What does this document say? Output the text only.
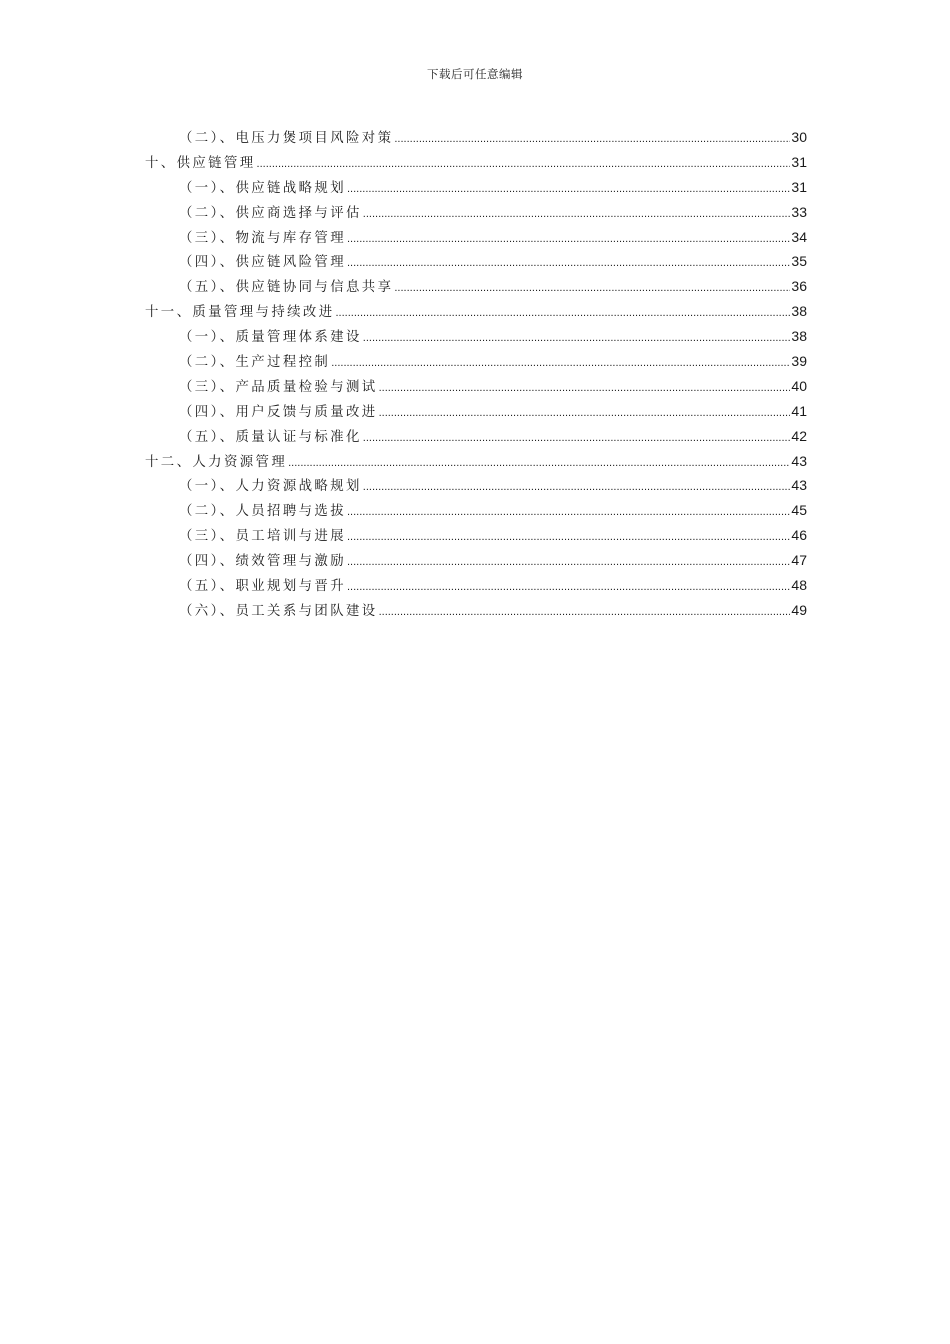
下载后可任意编辑
（二）、电压力煲项目风险对策 .....	30
十、供应链管理 .....	31
（一）、供应链战略规划 .....	31
（二）、供应商选择与评估 .....	33
（三）、物流与库存管理 .....	34
（四）、供应链风险管理 .....	35
（五）、供应链协同与信息共享 .....	36
十一、质量管理与持续改进 .....	38
（一）、质量管理体系建设 .....	38
（二）、生产过程控制 .....	39
（三）、产品质量检验与测试 .....	40
（四）、用户反馈与质量改进 .....	41
（五）、质量认证与标准化 .....	42
十二、人力资源管理 .....	43
（一）、人力资源战略规划 .....	43
（二）、人员招聘与选拔 .....	45
（三）、员工培训与进展 .....	46
（四）、绩效管理与激励 .....	47
（五）、职业规划与晋升 .....	48
（六）、员工关系与团队建设 .....	49
